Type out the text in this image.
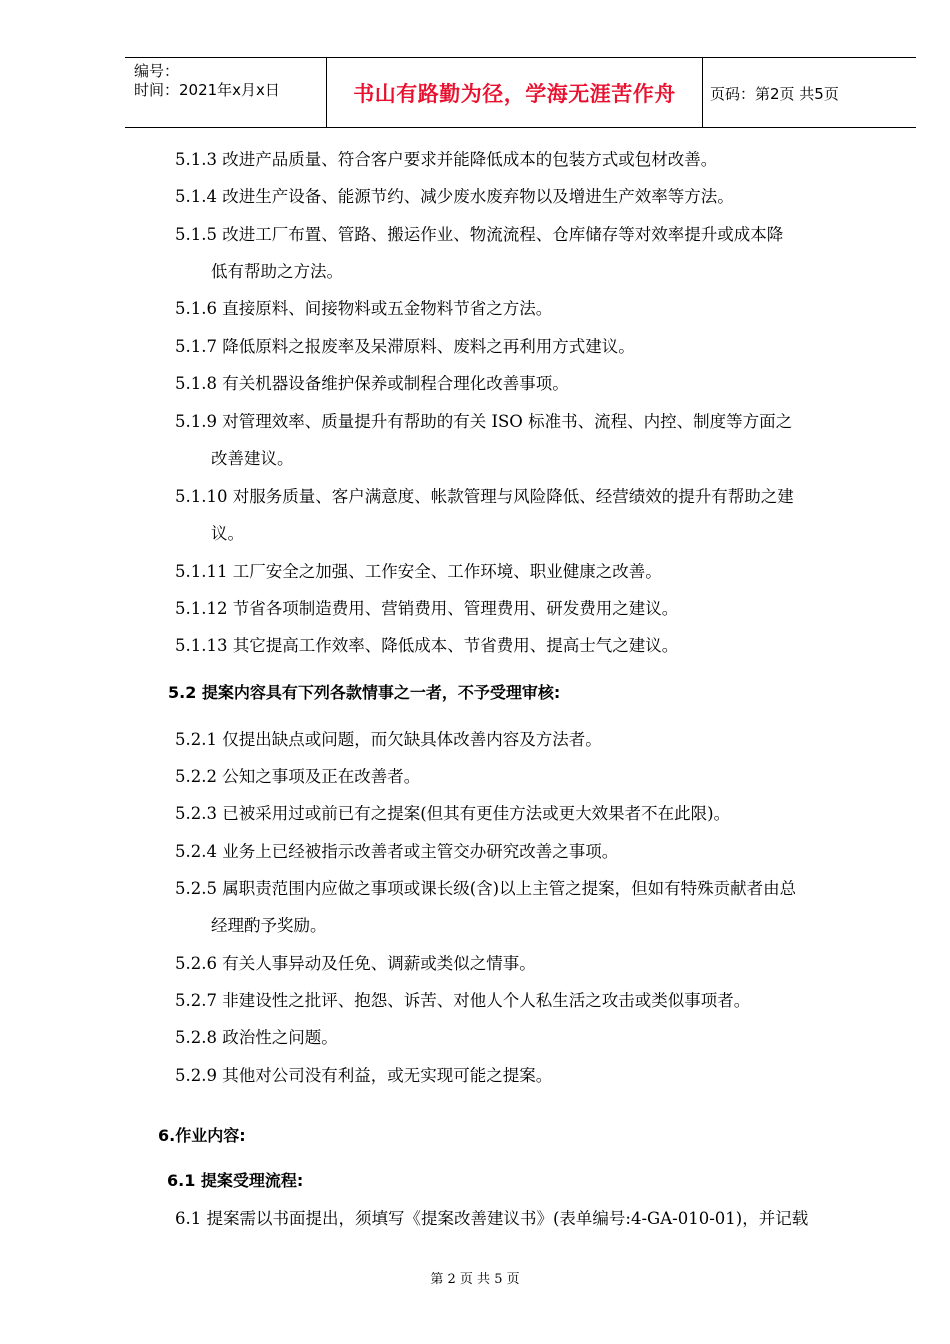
编号：
时间：2021年x月x日	书山有路勤为径，学海无涯苦作舟	页码：第2页 共5页
5.1.3 改进产品质量、符合客户要求并能降低成本的包装方式或包材改善。
5.1.4 改进生产设备、能源节约、减少废水废弃物以及增进生产效率等方法。
5.1.5 改进工厂布置、管路、搬运作业、物流流程、仓库储存等对效率提升或成本降
低有帮助之方法。
5.1.6 直接原料、间接物料或五金物料节省之方法。
5.1.7 降低原料之报废率及呆滞原料、废料之再利用方式建议。
5.1.8 有关机器设备维护保养或制程合理化改善事项。
5.1.9 对管理效率、质量提升有帮助的有关 ISO 标准书、流程、内控、制度等方面之
改善建议。
5.1.10 对服务质量、客户满意度、帐款管理与风险降低、经营绩效的提升有帮助之建
议。
5.1.11 工厂安全之加强、工作安全、工作环境、职业健康之改善。
5.1.12 节省各项制造费用、营销费用、管理费用、研发费用之建议。
5.1.13 其它提高工作效率、降低成本、节省费用、提高士气之建议。
5.2 提案内容具有下列各款情事之一者，不予受理审核:
5.2.1 仅提出缺点或问题，而欠缺具体改善内容及方法者。
5.2.2 公知之事项及正在改善者。
5.2.3 已被采用过或前已有之提案(但其有更佳方法或更大效果者不在此限)。
5.2.4 业务上已经被指示改善者或主管交办研究改善之事项。
5.2.5 属职责范围内应做之事项或课长级(含)以上主管之提案，但如有特殊贡献者由总
经理酌予奖励。
5.2.6 有关人事异动及任免、调薪或类似之情事。
5.2.7 非建设性之批评、抱怨、诉苦、对他人个人私生活之攻击或类似事项者。
5.2.8 政治性之问题。
5.2.9 其他对公司没有利益，或无实现可能之提案。
6.作业内容:
6.1 提案受理流程:
6.1 提案需以书面提出，须填写《提案改善建议书》(表单编号:4-GA-010-01)，并记载
第 2 页 共 5 页
